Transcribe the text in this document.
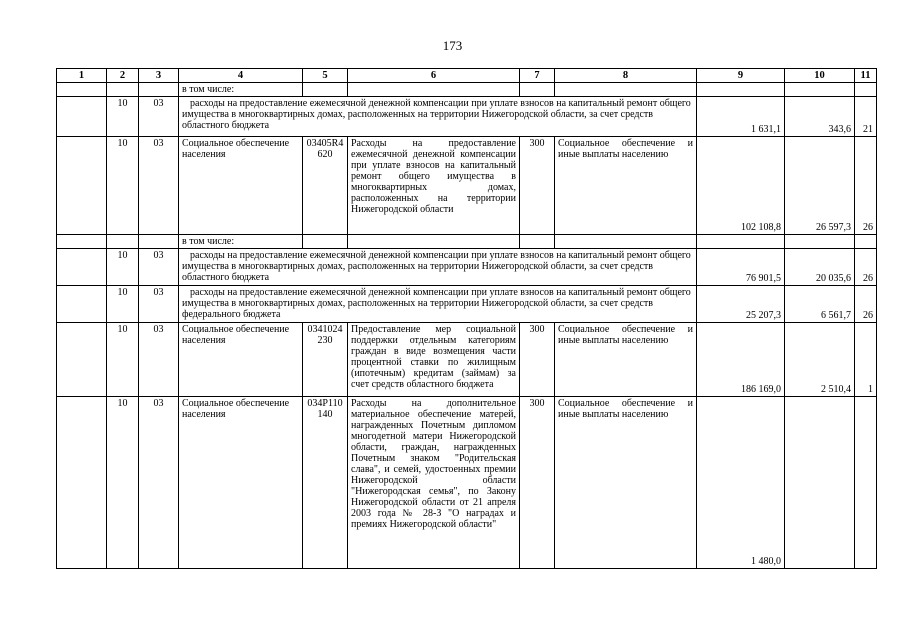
173
1	2	3	4	5	6	7	8	9	10	11
			в том числе:							
	10	03	расходы на предоставление ежемесячной денежной компенсации при уплате взносов на капитальный ремонт общего имущества в многоквартирных домах, расположенных на территории Нижегородской области, за счет средств областного бюджета					1 631,1	343,6	21
	10	03	Социальное обеспечение населения	03405R4620	Расходы на предоставление ежемесячной денежной компенсации при уплате взносов на капитальный ремонт общего имущества в многоквартирных домах, расположенных на территории Нижегородской области	300	Социальное обеспечение и иные выплаты населению	102 108,8	26 597,3	26
			в том числе:							
	10	03	расходы на предоставление ежемесячной денежной компенсации при уплате взносов на капитальный ремонт общего имущества в многоквартирных домах, расположенных на территории Нижегородской области, за счет средств областного бюджета					76 901,5	20 035,6	26
	10	03	расходы на предоставление ежемесячной денежной компенсации при уплате взносов на капитальный ремонт общего имущества в многоквартирных домах, расположенных на территории Нижегородской области, за счет средств федерального бюджета					25 207,3	6 561,7	26
	10	03	Социальное обеспечение населения	0341024230	Предоставление мер социальной поддержки отдельным категориям граждан в виде возмещения части процентной ставки по жилищным (ипотечным) кредитам (займам) за счет средств областного бюджета	300	Социальное обеспечение и иные выплаты населению	186 169,0	2 510,4	1
	10	03	Социальное обеспечение населения	034P110140	Расходы на дополнительное материальное обеспечение матерей, награжденных Почетным дипломом многодетной матери Нижегородской области, граждан, награжденных Почетным знаком "Родительская слава", и семей, удостоенных премии Нижегородской области "Нижегородская семья", по Закону Нижегородской области от 21 апреля 2003 года № 28-З "О наградах и премиях Нижегородской области"	300	Социальное обеспечение и иные выплаты населению	1 480,0		
